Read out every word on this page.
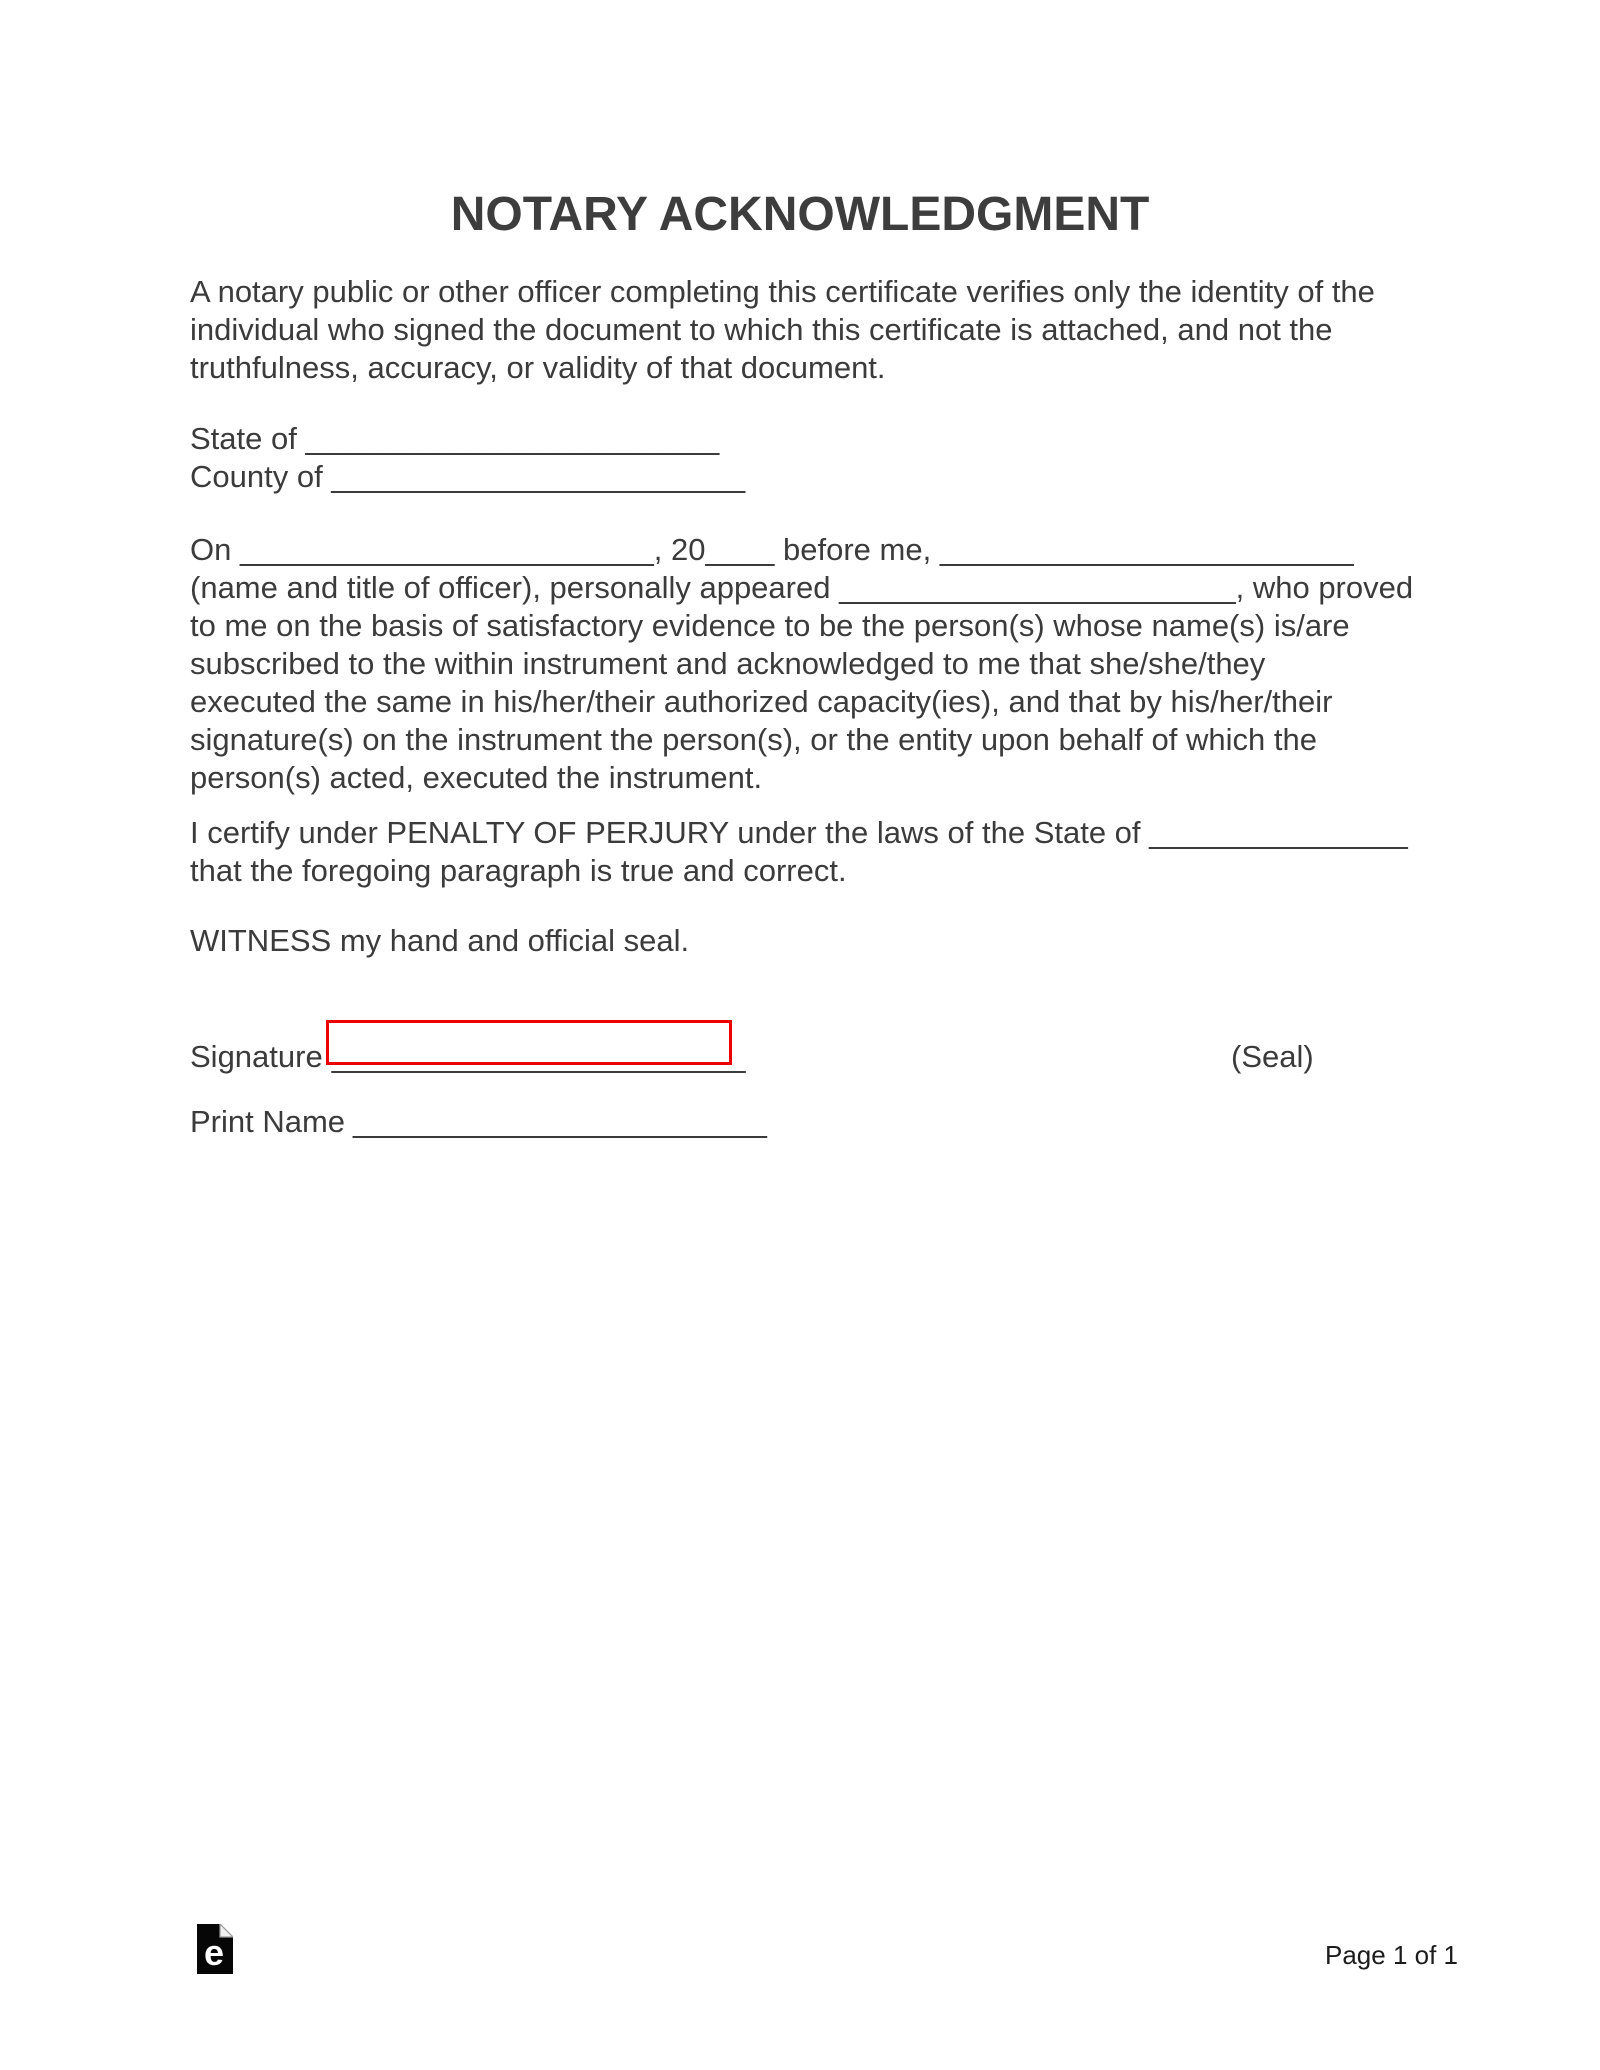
NOTARY ACKNOWLEDGMENT
A notary public or other officer completing this certificate verifies only the identity of the
individual who signed the document to which this certificate is attached, and not the
truthfulness, accuracy, or validity of that document.
State of ________________________
County of ________________________
On ________________________, 20____ before me, ________________________
(name and title of officer), personally appeared _______________________, who proved
to me on the basis of satisfactory evidence to be the person(s) whose name(s) is/are
subscribed to the within instrument and acknowledged to me that she/she/they
executed the same in his/her/their authorized capacity(ies), and that by his/her/their
signature(s) on the instrument the person(s), or the entity upon behalf of which the
person(s) acted, executed the instrument.
I certify under PENALTY OF PERJURY under the laws of the State of _______________
that the foregoing paragraph is true and correct.
WITNESS my hand and official seal.
Signature ________________________	(Seal)
Print Name ________________________
e	Page 1 of 1
